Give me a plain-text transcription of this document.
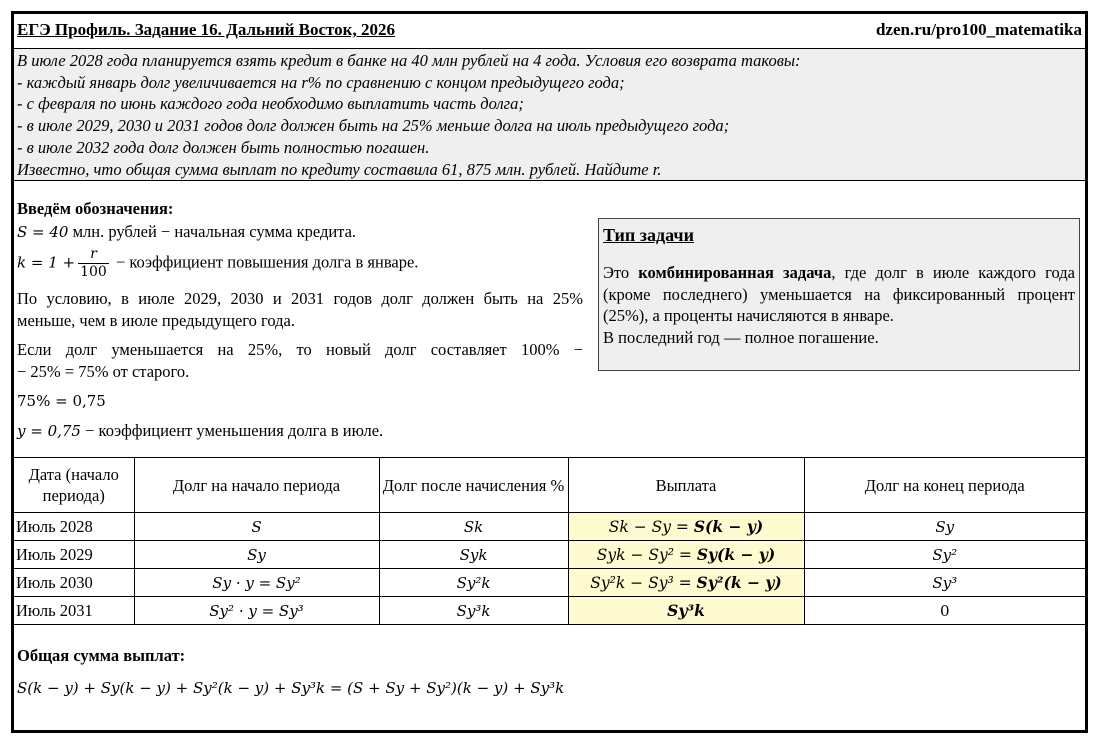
ЕГЭ Профиль. Задание 16. Дальний Восток, 2026	dzen.ru/pro100_matematika
В июле 2028 года планируется взять кредит в банке на 40 млн рублей на 4 года. Условия его возврата таковы:
- каждый январь долг увеличивается на r% по сравнению с концом предыдущего года;
- с февраля по июнь каждого года необходимо выплатить часть долга;
- в июле 2029, 2030 и 2031 годов долг должен быть на 25% меньше долга на июль предыдущего года;
- в июле 2032 года долг должен быть полностью погашен.
Известно, что общая сумма выплат по кредиту составила 61, 875 млн. рублей. Найдите r.
Введём обозначения:
S = 40 млн. рублей − начальная сумма кредита.
$k = 1 + \frac{r}{100}$ − коэффициент повышения долга в январе.
По условию, в июле 2029, 2030 и 2031 годов долг должен быть на 25%
меньше, чем в июле предыдущего года.
Если долг уменьшается на 25%, то новый долг составляет 100% −
− 25% = 75% от старого.
75% = 0,75
y = 0,75 − коэффициент уменьшения долга в июле.
Тип задачи
Это комбинированная задача, где долг в июле каждого года (кроме последнего) уменьшается на фиксированный процент (25%), а проценты начисляются в январе.
В последний год — полное погашение.
Дата (начало периода)	Долг на начало периода	Долг после начисления %	Выплата	Долг на конец периода
Июль 2028	S	Sk	Sk − Sy = S(k − y)	Sy
Июль 2029	Sy	Syk	Syk − Sy² = Sy(k − y)	Sy²
Июль 2030	Sy · y = Sy²	Sy²k	Sy²k − Sy³ = Sy²(k − y)	Sy³
Июль 2031	Sy² · y = Sy³	Sy³k	Sy³k	0
Общая сумма выплат:
S(k − y) + Sy(k − y) + Sy²(k − y) + Sy³k = (S + Sy + Sy²)(k − y) + Sy³k
